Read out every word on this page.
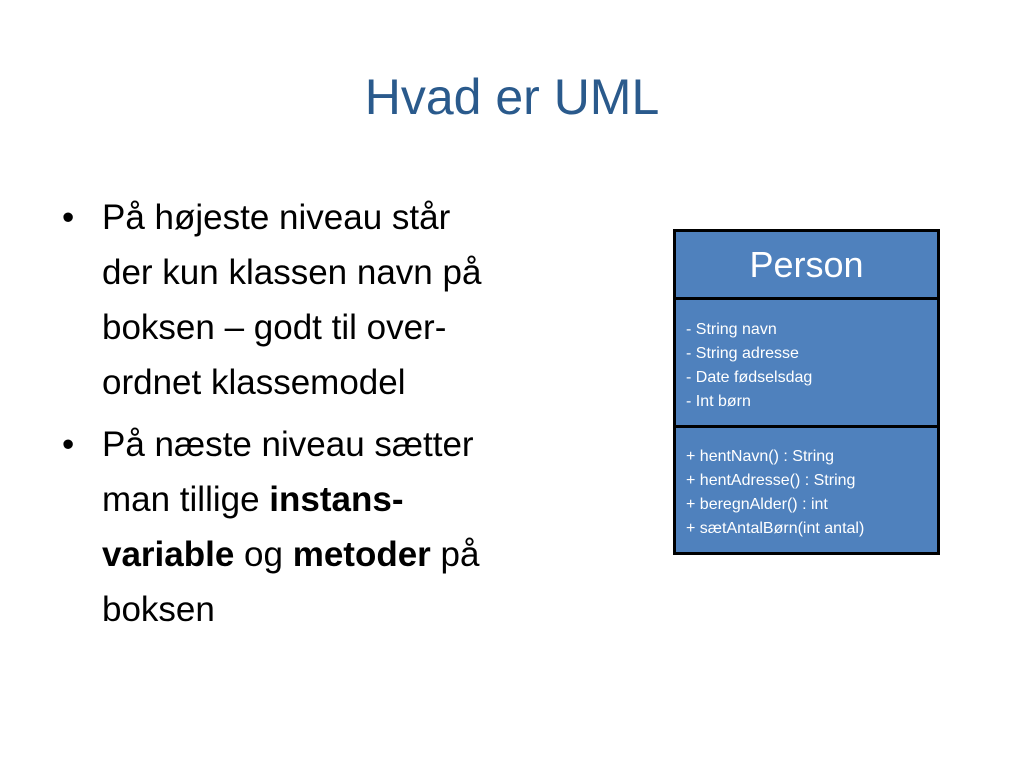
Hvad er UML
• På højeste niveau står
der kun klassen navn på
boksen – godt til over-
ordnet klassemodel
• På næste niveau sætter
man tillige instans-
variable og metoder på
boksen
Person
- String navn
- String adresse
- Date fødselsdag
- Int børn
+ hentNavn() : String
+ hentAdresse() : String
+ beregnAlder() : int
+ sætAntalBørn(int antal)
